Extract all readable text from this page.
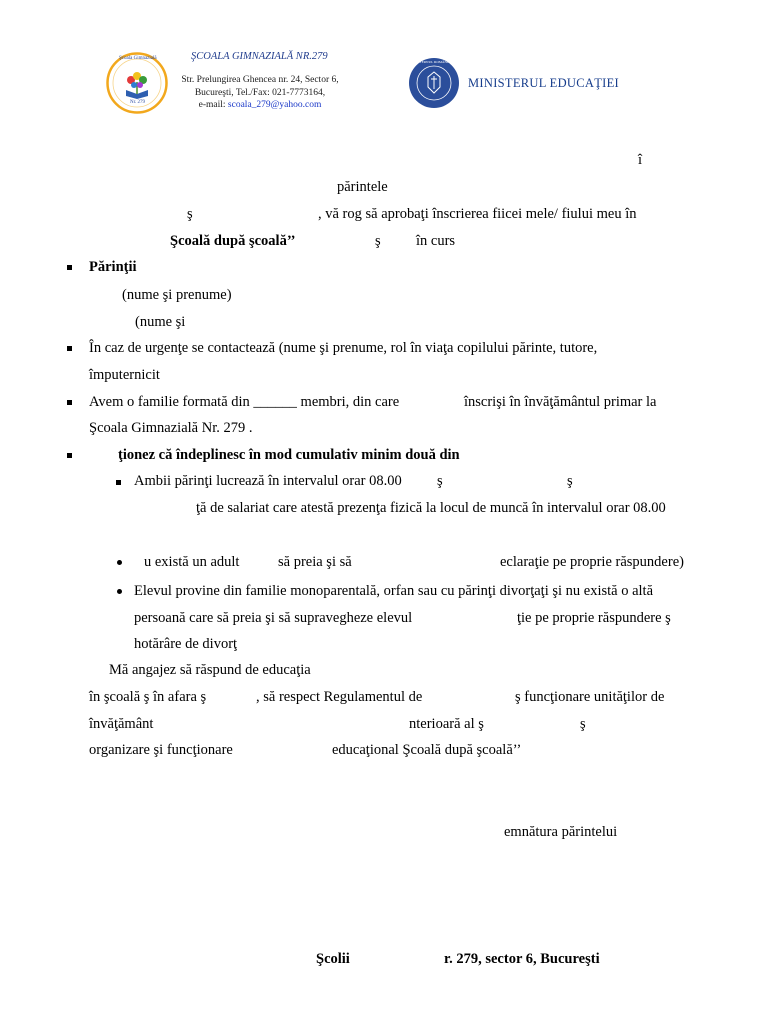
Şcoala Gimnazială
Nr. 279
ŞCOALA GIMNAZIALĂ NR.279
Str. Prelungirea Ghencea nr. 24, Sector 6,
Bucureşti, Tel./Fax: 021-7773164,
e-mail: scoala_279@yahoo.com
GUVERNUL ROMÂNIEI
MINISTERUL EDUCAŢIEI
î
părintele
ş	, vă rog să aprobaţi înscrierea fiicei mele/ fiului meu în
Şcoală după şcoală’’	ş în curs
Părinţii
(nume şi prenume)
(nume şi
În caz de urgenţe se contactează (nume şi prenume, rol în viaţa copilului părinte, tutore,
împuternicit
Avem o familie formată din ______ membri, din care	înscrişi în învăţământul primar la
Şcoala Gimnazială Nr. 279 .
ţionez că îndeplinesc în mod cumulativ minim două din
Ambii părinţi lucrează în intervalul orar 08.00 ş	ş
ţă de salariat care atestă prezenţa fizică la locul de muncă în intervalul orar 08.00
u există un adult	să preia şi să	eclaraţie pe proprie răspundere)
Elevul provine din familie monoparentală, orfan sau cu părinţi divorţaţi şi nu există o altă
persoană care să preia şi să supravegheze elevul	ţie pe proprie răspundere ş
hotărâre de divorţ
Mă angajez să răspund de educaţia
în şcoală ş în afara ş	, să respect Regulamentul de	ş funcţionare unităţilor de
învăţământ	nterioară al ş	ş
organizare şi funcţionare	educaţional Şcoală după şcoală’’
emnătura părintelui
Şcolii	r. 279, sector 6, Bucureşti
